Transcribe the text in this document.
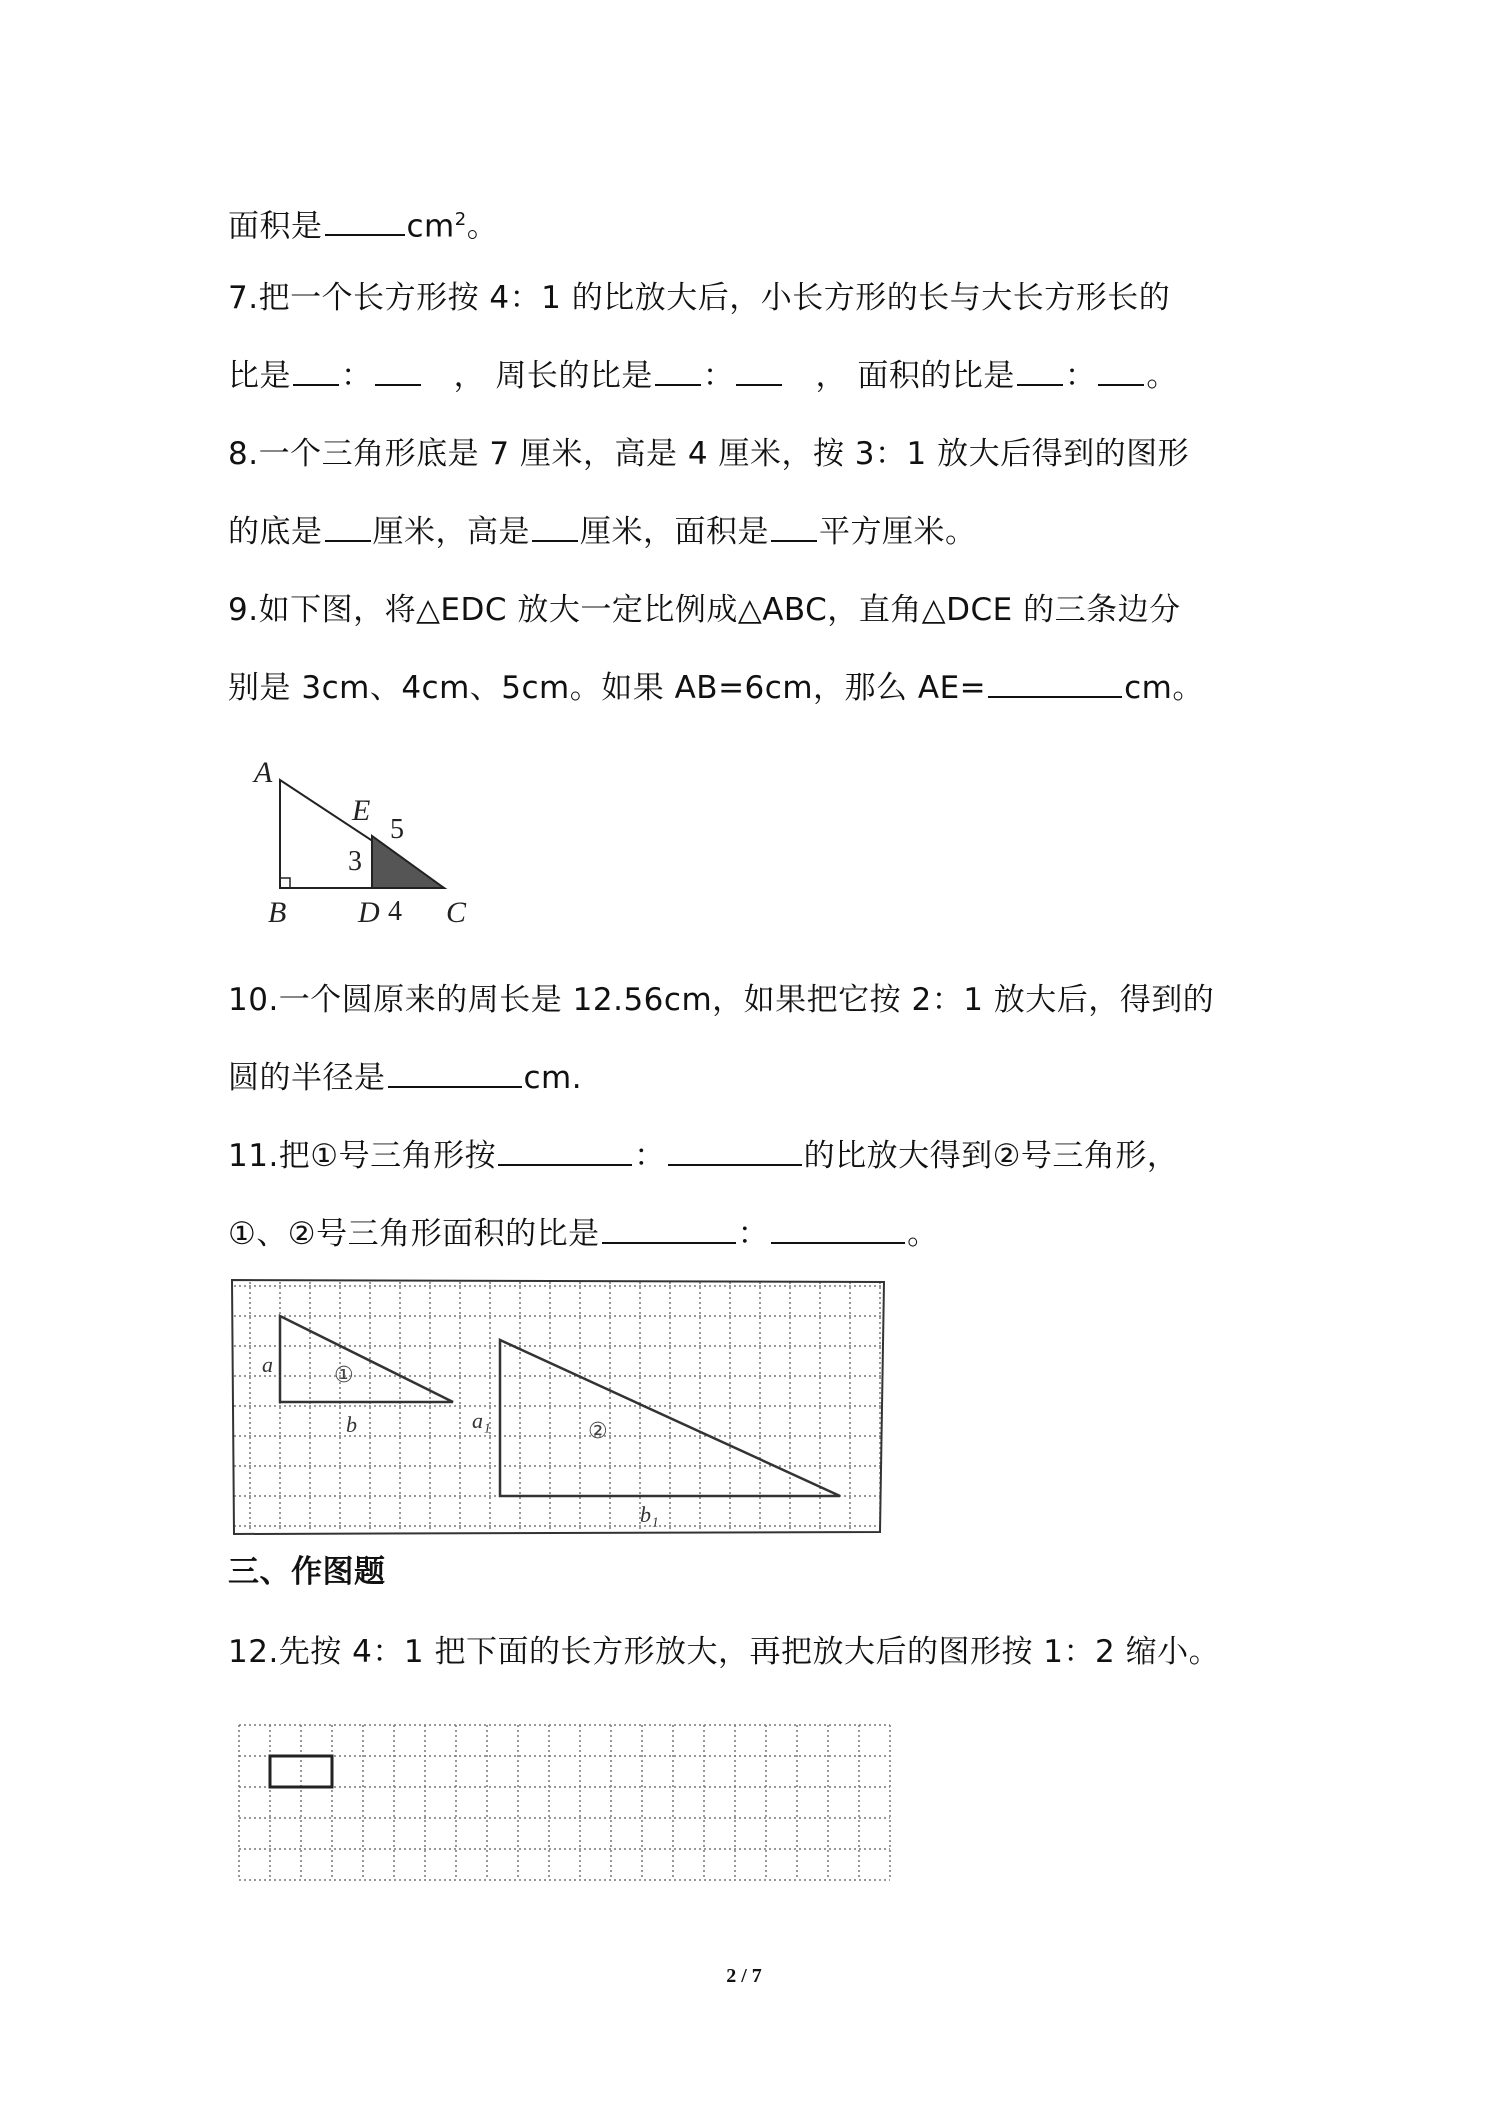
面积是	$cm^2$。
7.把一个长方形按 4：1 的比放大后，小长方形的长与大长方形长的
比是 ：	， 周长的比是 ：	， 面积的比是 ： 。
8.一个三角形底是 7 厘米，高是 4 厘米，按 3：1 放大后得到的图形
的底是 厘米，高是 厘米，面积是 平方厘米。
9.如下图，将△EDC 放大一定比例成△ABC，直角△DCE 的三条边分
别是 3cm、4cm、5cm。如果 AB=6cm，那么 AE=	cm。
A
B	C
D
E
3
4
5
10.一个圆原来的周长是 12.56cm，如果把它按 2：1 放大后，得到的
圆的半径是	cm.
11.把①号三角形按	：	的比放大得到②号三角形，
①、②号三角形面积的比是	：	。
a
b	a₁
b₁
①
②
三、作图题
12.先按 4：1 把下面的长方形放大，再把放大后的图形按 1：2 缩小。
2 / 7
